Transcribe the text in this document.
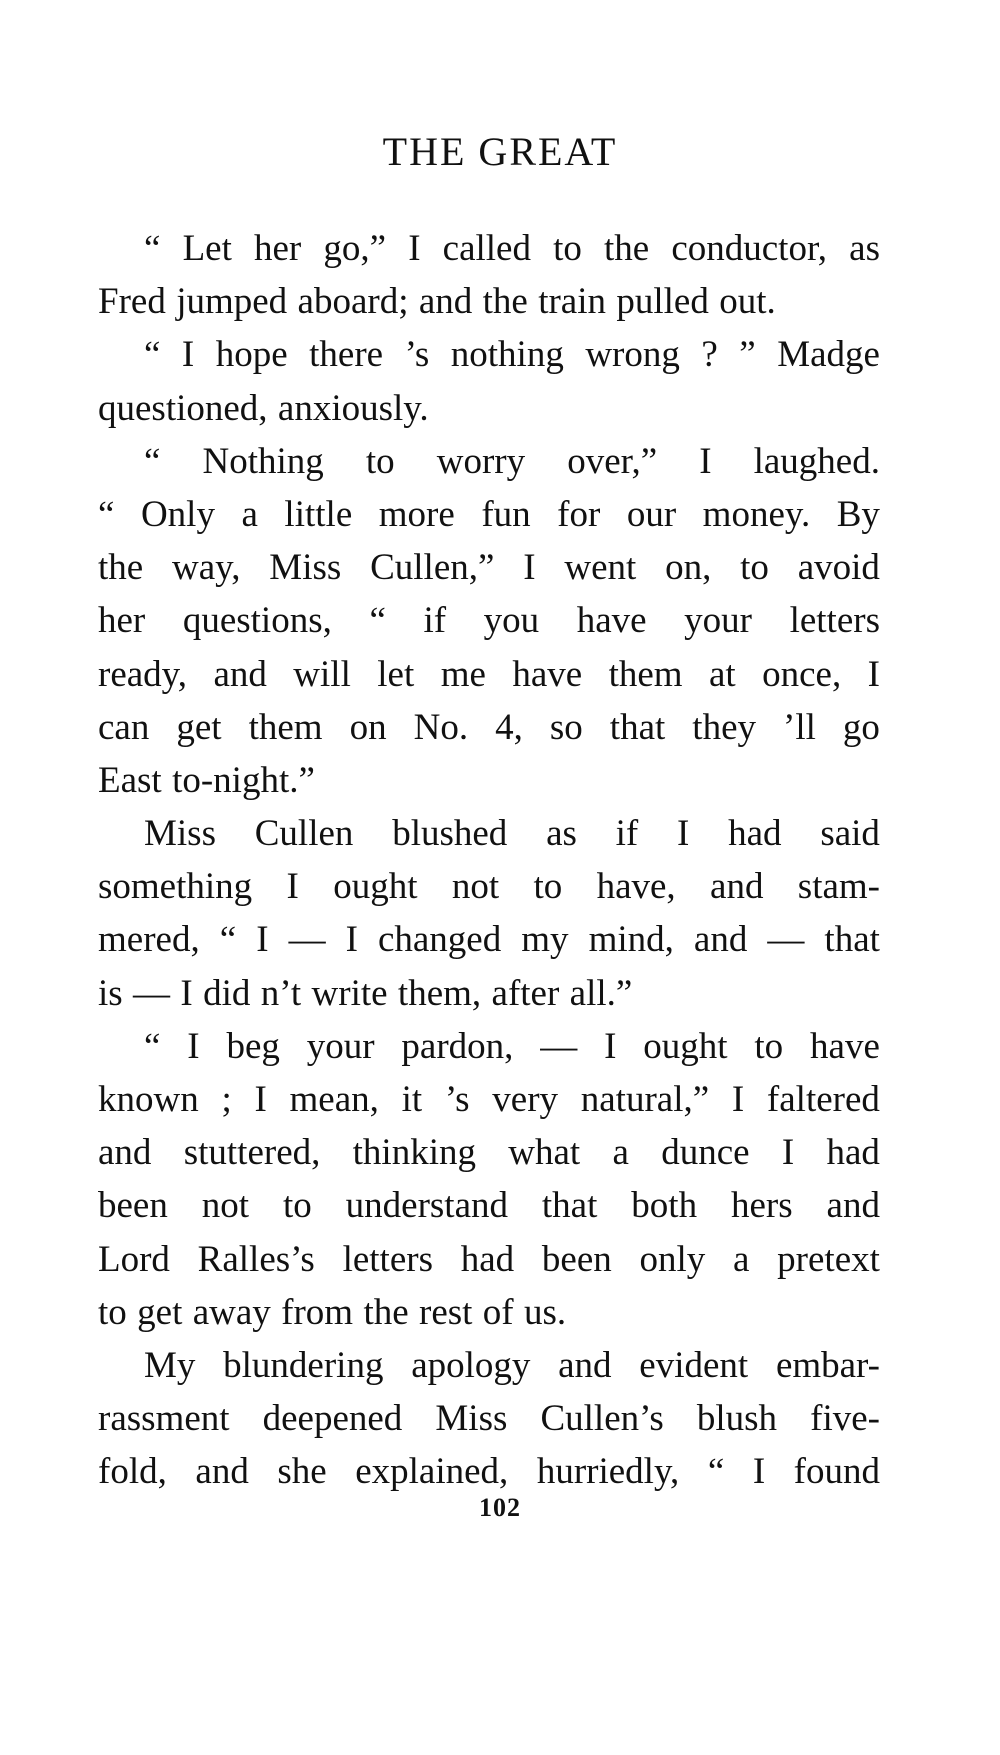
THE GREAT
“ Let her go,” I called to the conductor, as
Fred jumped aboard; and the train pulled out.
“ I hope there ’s nothing wrong ? ” Madge
questioned, anxiously.
“ Nothing to worry over,” I laughed.
“ Only a little more fun for our money. By
the way, Miss Cullen,” I went on, to avoid
her questions, “ if you have your letters
ready, and will let me have them at once, I
can get them on No. 4, so that they ’ll go
East to-night.”
Miss Cullen blushed as if I had said
something I ought not to have, and stam-
mered, “ I — I changed my mind, and — that
is — I did n’t write them, after all.”
“ I beg your pardon, — I ought to have
known ; I mean, it ’s very natural,” I faltered
and stuttered, thinking what a dunce I had
been not to understand that both hers and
Lord Ralles’s letters had been only a pretext
to get away from the rest of us.
My blundering apology and evident embar-
rassment deepened Miss Cullen’s blush five-
fold, and she explained, hurriedly, “ I found
102
